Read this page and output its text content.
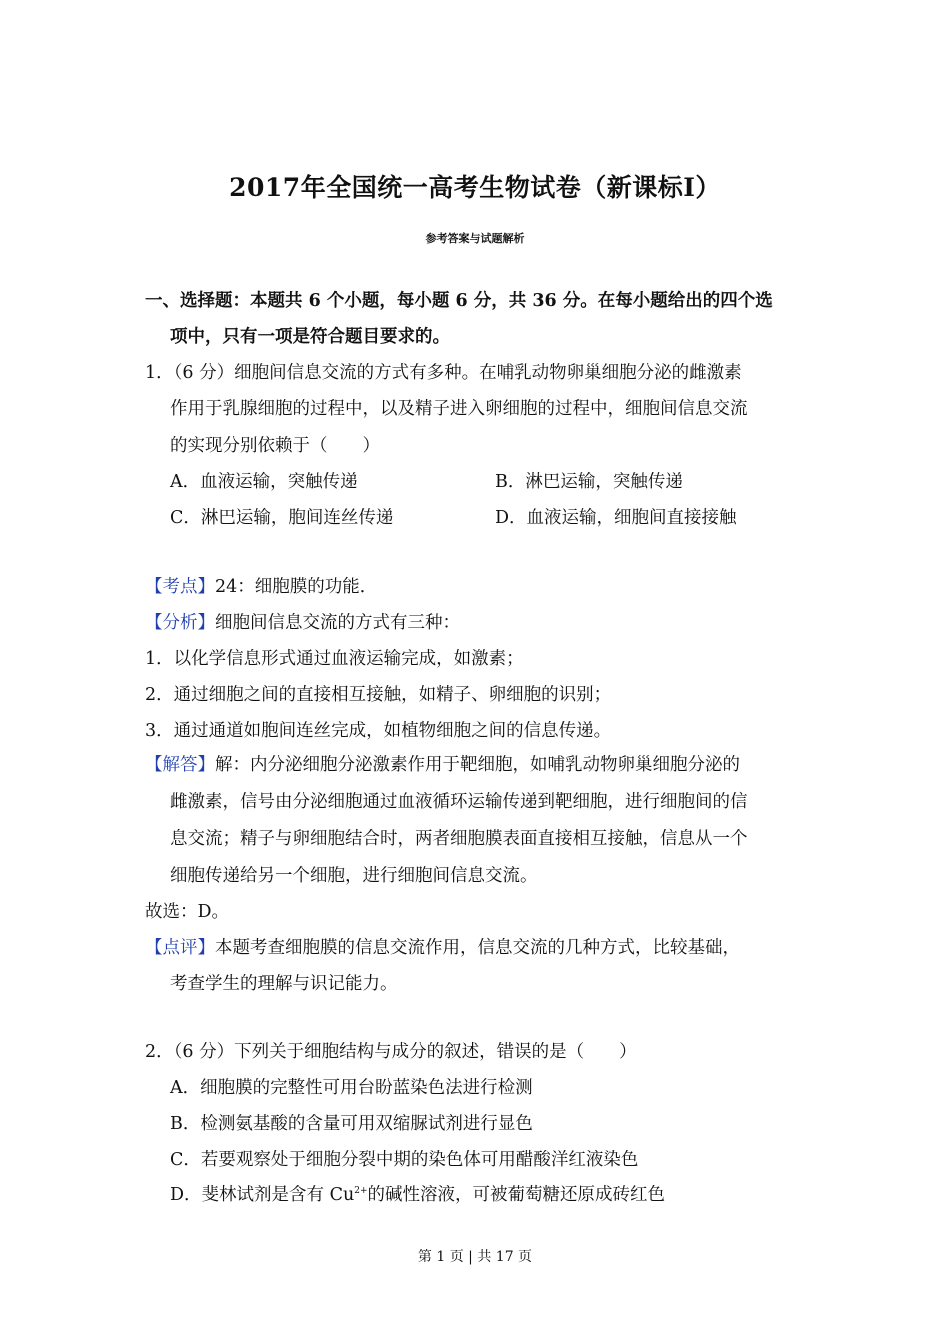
2017年全国统一高考生物试卷（新课标Ⅰ）
参考答案与试题解析
一、选择题：本题共 6 个小题，每小题 6 分，共 36 分。在每小题给出的四个选
项中，只有一项是符合题目要求的。
1．（6 分）细胞间信息交流的方式有多种。在哺乳动物卵巢细胞分泌的雌激素
作用于乳腺细胞的过程中，以及精子进入卵细胞的过程中，细胞间信息交流
的实现分别依赖于（　　）
A．血液运输，突触传递	B．淋巴运输，突触传递
C．淋巴运输，胞间连丝传递	D．血液运输，细胞间直接接触
【考点】24：细胞膜的功能．
【分析】细胞间信息交流的方式有三种：
1．以化学信息形式通过血液运输完成，如激素；
2．通过细胞之间的直接相互接触，如精子、卵细胞的识别；
3．通过通道如胞间连丝完成，如植物细胞之间的信息传递。
【解答】解：内分泌细胞分泌激素作用于靶细胞，如哺乳动物卵巢细胞分泌的
雌激素，信号由分泌细胞通过血液循环运输传递到靶细胞，进行细胞间的信
息交流；精子与卵细胞结合时，两者细胞膜表面直接相互接触，信息从一个
细胞传递给另一个细胞，进行细胞间信息交流。
故选：D。
【点评】本题考查细胞膜的信息交流作用，信息交流的几种方式，比较基础，
考查学生的理解与识记能力。
2．（6 分）下列关于细胞结构与成分的叙述，错误的是（　　）
A．细胞膜的完整性可用台盼蓝染色法进行检测
B．检测氨基酸的含量可用双缩脲试剂进行显色
C．若要观察处于细胞分裂中期的染色体可用醋酸洋红液染色
D．斐林试剂是含有 $Cu^{2+}$的碱性溶液，可被葡萄糖还原成砖红色
第 1 页 | 共 17 页
